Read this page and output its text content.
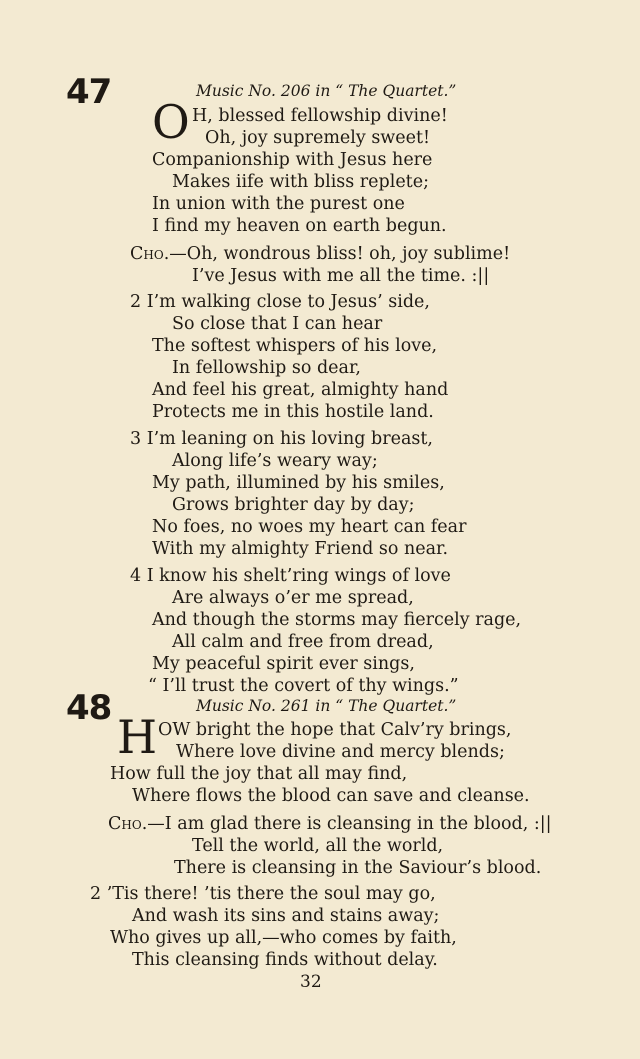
47	Music No. 206 in “ The Quartet.”
O H, blessed fellowship divine!
Oh, joy supremely sweet!
Companionship with Jesus here
Makes iife with bliss replete;
In union with the purest one
I find my heaven on earth begun.
Cho.—Oh, wondrous bliss! oh, joy sublime!
I’ve Jesus with me all the time. :||
2 I’m walking close to Jesus’ side,
So close that I can hear
The softest whispers of his love,
In fellowship so dear,
And feel his great, almighty hand
Protects me in this hostile land.
3 I’m leaning on his loving breast,
Along life’s weary way;
My path, illumined by his smiles,
Grows brighter day by day;
No foes, no woes my heart can fear
With my almighty Friend so near.
4 I know his shelt’ring wings of love
Are always o’er me spread,
And though the storms may fiercely rage,
All calm and free from dread,
My peaceful spirit ever sings,
“ I’ll trust the covert of thy wings.”
48	Music No. 261 in “ The Quartet.”
H OW bright the hope that Calv’ry brings,
Where love divine and mercy blends;
How full the joy that all may find,
Where flows the blood can save and cleanse.
Cho.—I am glad there is cleansing in the blood, :||
Tell the world, all the world,
There is cleansing in the Saviour’s blood.
2 ’Tis there! ’tis there the soul may go,
And wash its sins and stains away;
Who gives up all,—who comes by faith,
This cleansing finds without delay.
32
